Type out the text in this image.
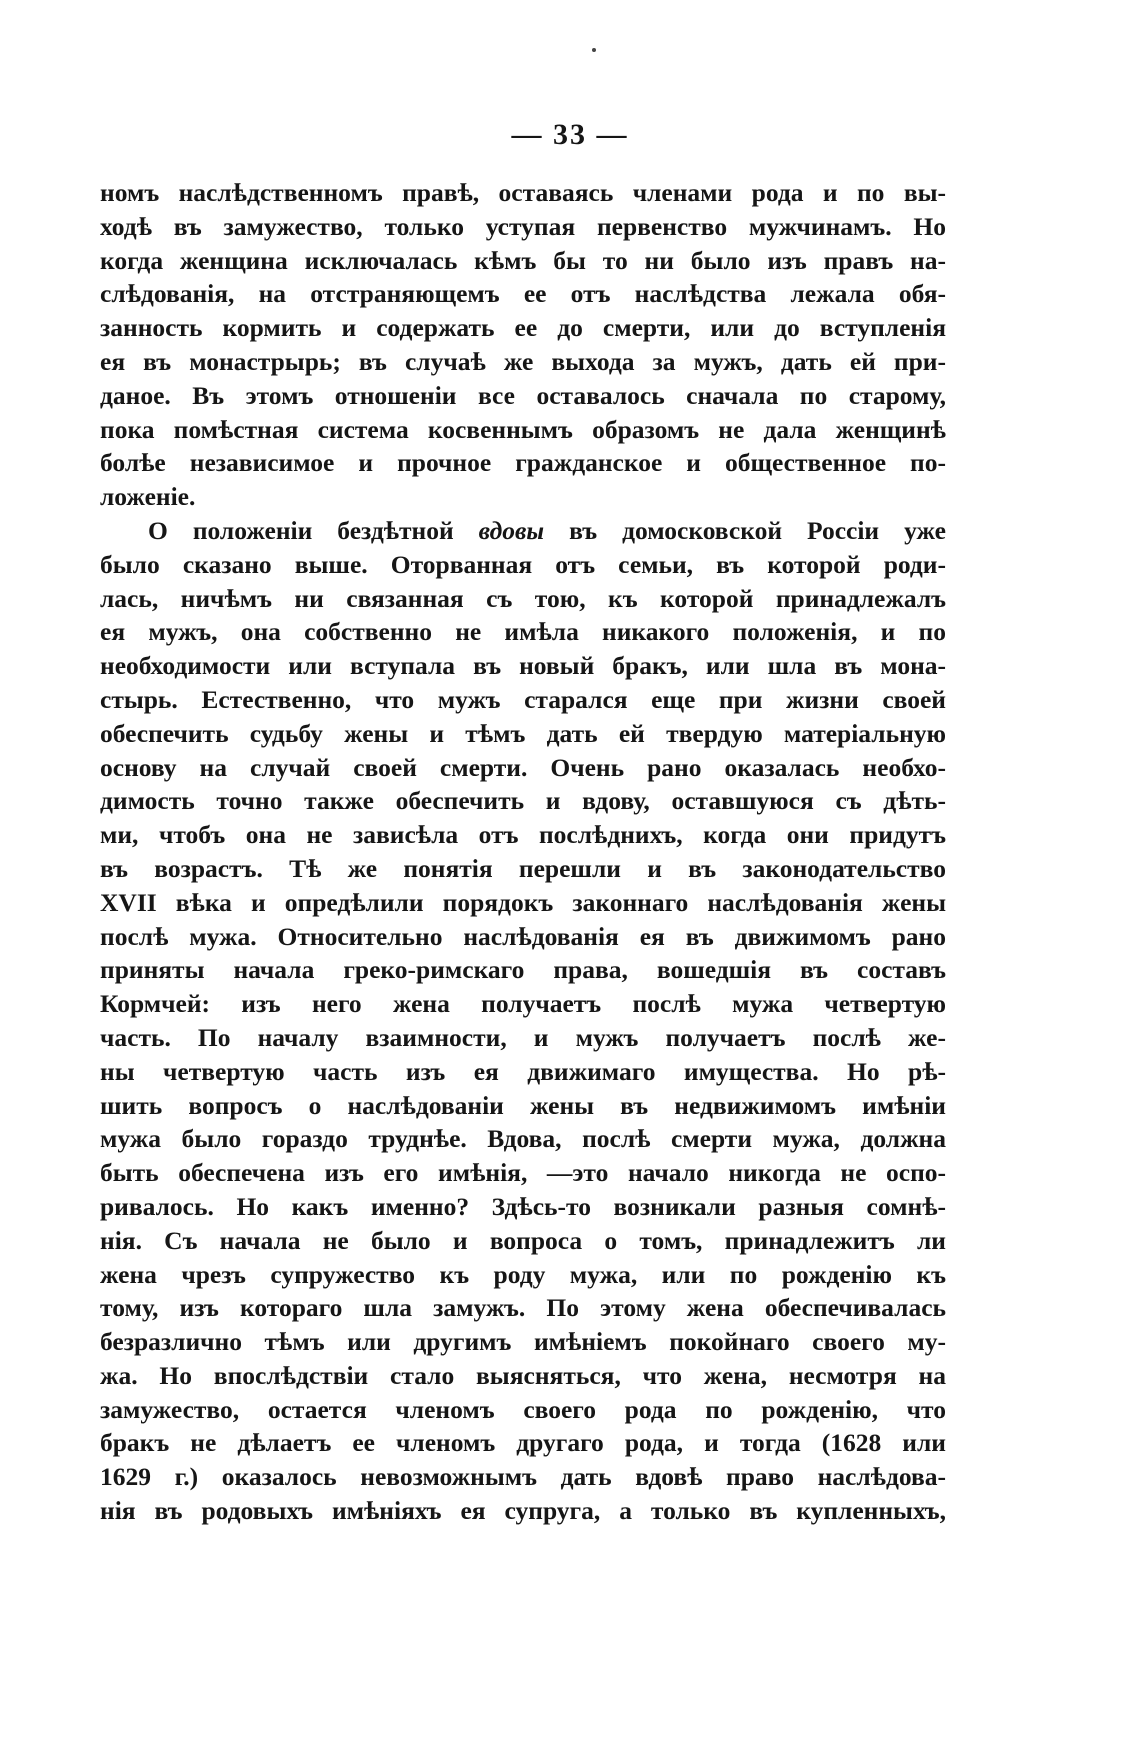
— 33 —
номъ наслѣдственномъ правѣ, оставаясь членами рода и по вы-
ходѣ въ замужество, только уступая первенство мужчинамъ. Но
когда женщина исключалась кѣмъ бы то ни было изъ правъ на-
слѣдованія, на отстраняющемъ ее отъ наслѣдства лежала обя-
занность кормить и содержать ее до смерти, или до вступленія
ея въ монастрырь; въ случаѣ же выхода за мужъ, дать ей при-
даное. Въ этомъ отношеніи все оставалось сначала по старому,
пока помѣстная система косвеннымъ образомъ не дала женщинѣ
болѣе независимое и прочное гражданское и общественное по-
ложеніе.
О положеніи бездѣтной вдовы въ домосковской Россіи уже
было сказано выше. Оторванная отъ семьи, въ которой роди-
лась, ничѣмъ ни связанная съ тою, къ которой принадлежалъ
ея мужъ, она собственно не имѣла никакого положенія, и по
необходимости или вступала въ новый бракъ, или шла въ мона-
стырь. Естественно, что мужъ старался еще при жизни своей
обеспечить судьбу жены и тѣмъ дать ей твердую матеріальную
основу на случай своей смерти. Очень рано оказалась необхо-
димость точно также обеспечить и вдову, оставшуюся съ дѣть-
ми, чтобъ она не зависѣла отъ послѣднихъ, когда они придутъ
въ возрастъ. Тѣ же понятія перешли и въ законодательство
XVII вѣка и опредѣлили порядокъ законнаго наслѣдованія жены
послѣ мужа. Относительно наслѣдованія ея въ движимомъ рано
приняты начала греко-римскаго права, вошедшія въ составъ
Кормчей: изъ него жена получаетъ послѣ мужа четвертую
часть. По началу взаимности, и мужъ получаетъ послѣ же-
ны четвертую часть изъ ея движимаго имущества. Но рѣ-
шить вопросъ о наслѣдованіи жены въ недвижимомъ имѣніи
мужа было гораздо труднѣе. Вдова, послѣ смерти мужа, должна
быть обеспечена изъ его имѣнія, —это начало никогда не оспо-
ривалось. Но какъ именно? Здѣсь-то возникали разныя сомнѣ-
нія. Съ начала не было и вопроса о томъ, принадлежитъ ли
жена чрезъ супружество къ роду мужа, или по рожденію къ
тому, изъ котораго шла замужъ. По этому жена обеспечивалась
безразлично тѣмъ или другимъ имѣніемъ покойнаго своего му-
жа. Но впослѣдствіи стало выясняться, что жена, несмотря на
замужество, остается членомъ своего рода по рожденію, что
бракъ не дѣлаетъ ее членомъ другаго рода, и тогда (1628 или
1629 г.) оказалось невозможнымъ дать вдовѣ право наслѣдова-
нія въ родовыхъ имѣніяхъ ея супруга, а только въ купленныхъ,
